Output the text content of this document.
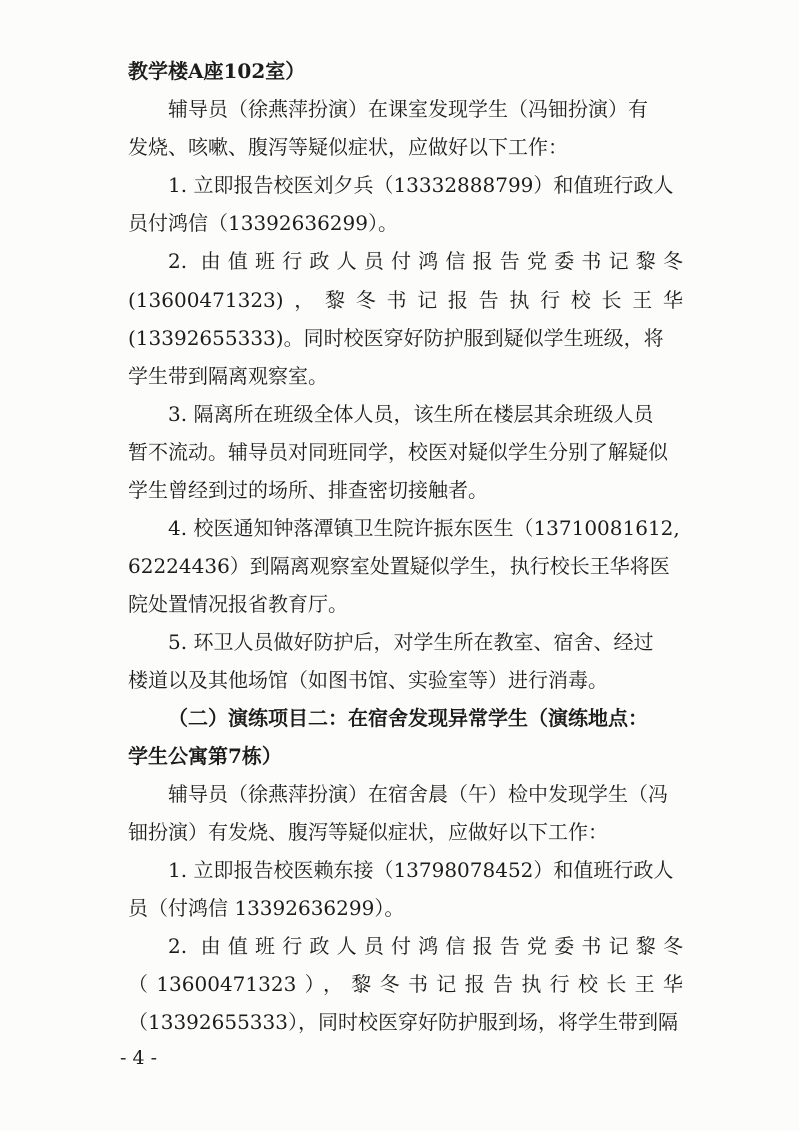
教学楼A座102室）
辅导员（徐燕萍扮演）在课室发现学生（冯钿扮演）有
发烧、咳嗽、腹泻等疑似症状，应做好以下工作：
1. 立即报告校医刘夕兵（13332888799）和值班行政人
员付鸿信（13392636299）。
2. 由值班行政人员付鸿信报告党委书记黎冬
(13600471323)，黎冬书记报告执行校长王华
(13392655333)。同时校医穿好防护服到疑似学生班级，将
学生带到隔离观察室。
3. 隔离所在班级全体人员，该生所在楼层其余班级人员
暂不流动。辅导员对同班同学，校医对疑似学生分别了解疑似
学生曾经到过的场所、排查密切接触者。
4. 校医通知钟落潭镇卫生院许振东医生（13710081612,
62224436）到隔离观察室处置疑似学生，执行校长王华将医
院处置情况报省教育厅。
5. 环卫人员做好防护后，对学生所在教室、宿舍、经过
楼道以及其他场馆（如图书馆、实验室等）进行消毒。
（二）演练项目二：在宿舍发现异常学生（演练地点：
学生公寓第7栋）
辅导员（徐燕萍扮演）在宿舍晨（午）检中发现学生（冯
钿扮演）有发烧、腹泻等疑似症状，应做好以下工作：
1. 立即报告校医赖东接（13798078452）和值班行政人
员（付鸿信 13392636299）。
2. 由值班行政人员付鸿信报告党委书记黎冬
（13600471323），黎冬书记报告执行校长王华
（13392655333），同时校医穿好防护服到场，将学生带到隔
- 4 -
